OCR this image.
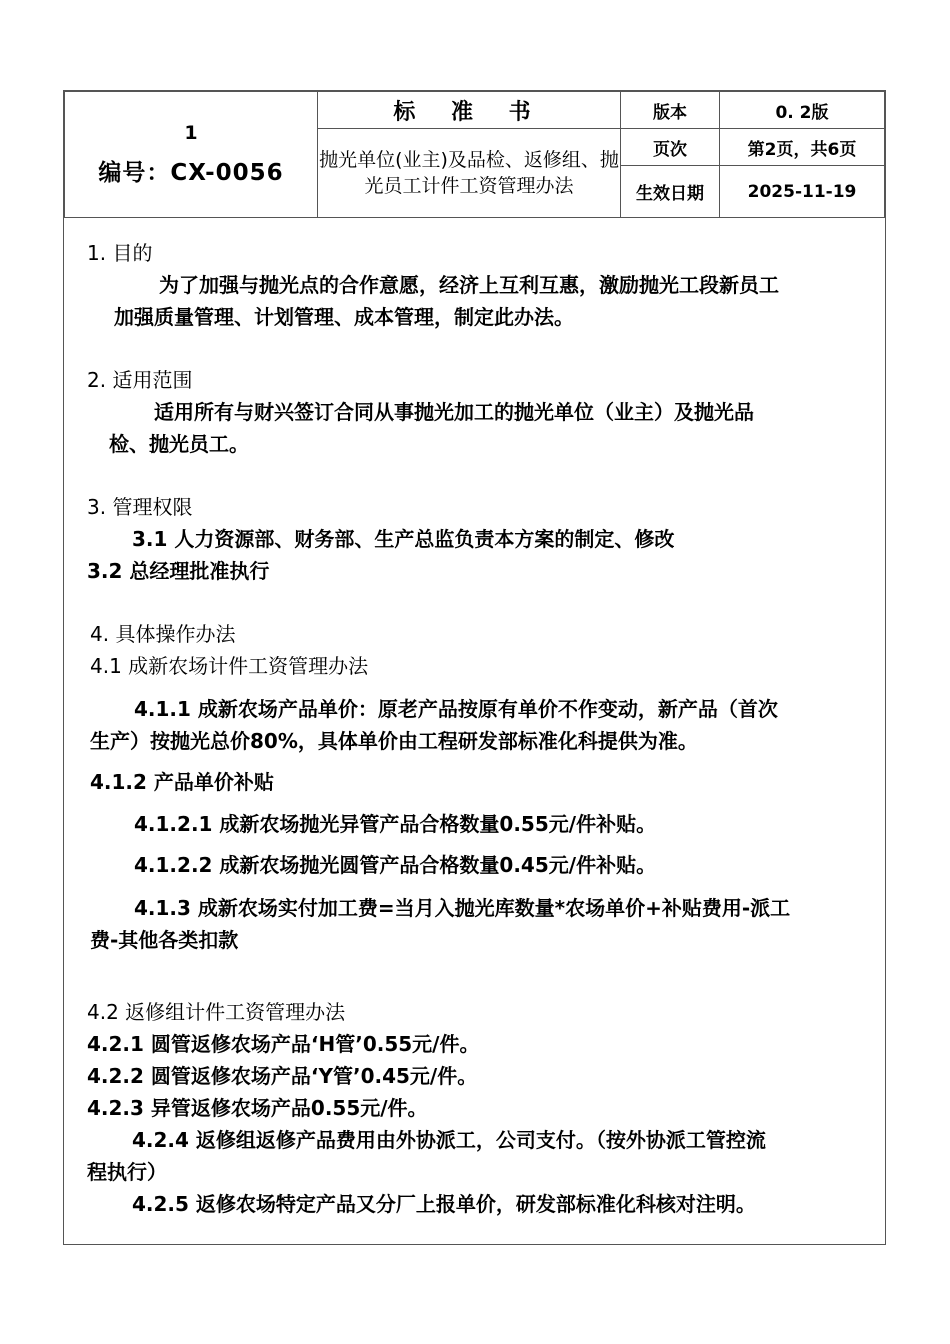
1
编号：CX-0056	标 准 书	版本	0. 2版
	抛光单位(业主)及品检、返修组、抛光员工计件工资管理办法	页次	第2页，共6页
		生效日期	2025-11-19
1. 目的
为了加强与抛光点的合作意愿，经济上互利互惠，激励抛光工段新员工
加强质量管理、计划管理、成本管理，制定此办法。
2. 适用范围
适用所有与财兴签订合同从事抛光加工的抛光单位（业主）及抛光品
检、抛光员工。
3. 管理权限
3.1 人力资源部、财务部、生产总监负责本方案的制定、修改
3.2 总经理批准执行
4. 具体操作办法
4.1 成新农场计件工资管理办法
4.1.1 成新农场产品单价：原老产品按原有单价不作变动，新产品（首次
生产）按抛光总价80%，具体单价由工程研发部标准化科提供为准。
4.1.2 产品单价补贴
4.1.2.1 成新农场抛光异管产品合格数量0.55元/件补贴。
4.1.2.2 成新农场抛光圆管产品合格数量0.45元/件补贴。
4.1.3 成新农场实付加工费=当月入抛光库数量*农场单价+补贴费用-派工
费-其他各类扣款
4.2 返修组计件工资管理办法
4.2.1 圆管返修农场产品‘H管’0.55元/件。
4.2.2 圆管返修农场产品‘Y管’0.45元/件。
4.2.3 异管返修农场产品0.55元/件。
4.2.4 返修组返修产品费用由外协派工，公司支付。（按外协派工管控流
程执行）
4.2.5 返修农场特定产品又分厂上报单价，研发部标准化科核对注明。
